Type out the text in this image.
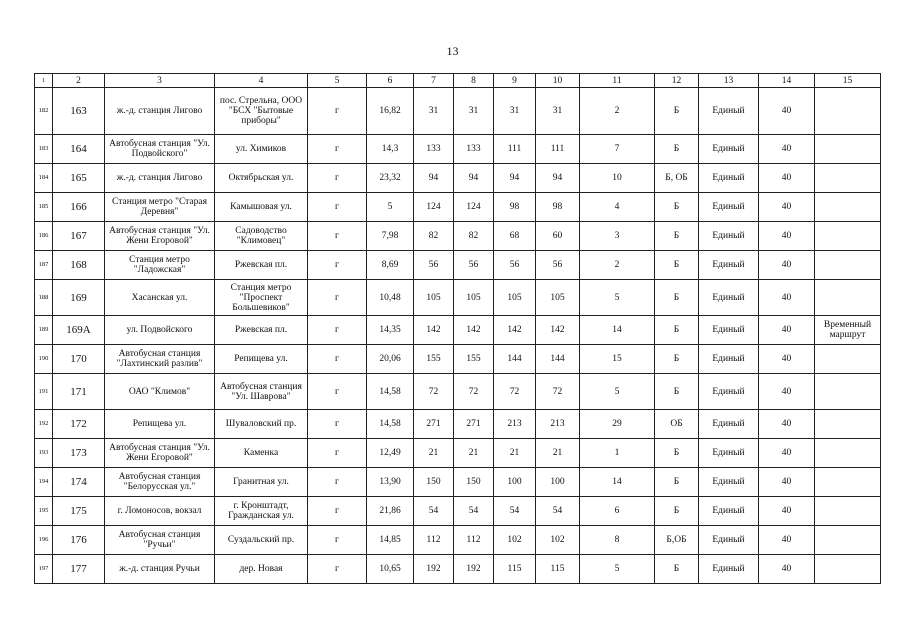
13
1	2	3	4	5	6	7	8	9	10	11	12	13	14	15
182	163	ж.-д. станция Лигово	пос. Стрельна, ООО "БСХ "Бытовые приборы"	г	16,82	31	31	31	31	2	Б	Единый	40	
183	164	Автобусная станция "Ул. Подвойского"	ул. Химиков	г	14,3	133	133	111	111	7	Б	Единый	40	
184	165	ж.-д. станция Лигово	Октябрьская ул.	г	23,32	94	94	94	94	10	Б, ОБ	Единый	40	
185	166	Станция метро "Старая Деревня"	Камышовая ул.	г	5	124	124	98	98	4	Б	Единый	40	
186	167	Автобусная станция "Ул. Жени Егоровой"	Садоводство "Климовец"	г	7,98	82	82	68	60	3	Б	Единый	40	
187	168	Станция метро "Ладожская"	Ржевская пл.	г	8,69	56	56	56	56	2	Б	Единый	40	
188	169	Хасанская ул.	Станция метро "Проспект Большевиков"	г	10,48	105	105	105	105	5	Б	Единый	40	
189	169А	ул. Подвойского	Ржевская пл.	г	14,35	142	142	142	142	14	Б	Единый	40	Временный маршрут
190	170	Автобусная станция "Лахтинский разлив"	Репищева ул.	г	20,06	155	155	144	144	15	Б	Единый	40	
191	171	ОАО "Климов"	Автобусная станция "Ул. Шаврова"	г	14,58	72	72	72	72	5	Б	Единый	40	
192	172	Репищева ул.	Шуваловский пр.	г	14,58	271	271	213	213	29	ОБ	Единый	40	
193	173	Автобусная станция "Ул. Жени Егоровой"	Каменка	г	12,49	21	21	21	21	1	Б	Единый	40	
194	174	Автобусная станция "Белорусская ул."	Гранитная ул.	г	13,90	150	150	100	100	14	Б	Единый	40	
195	175	г. Ломоносов, вокзал	г. Кронштадт, Гражданская ул.	г	21,86	54	54	54	54	6	Б	Единый	40	
196	176	Автобусная станция "Ручьи"	Суздальский пр.	г	14,85	112	112	102	102	8	Б,ОБ	Единый	40	
197	177	ж.-д. станция Ручьи	дер. Новая	г	10,65	192	192	115	115	5	Б	Единый	40	
